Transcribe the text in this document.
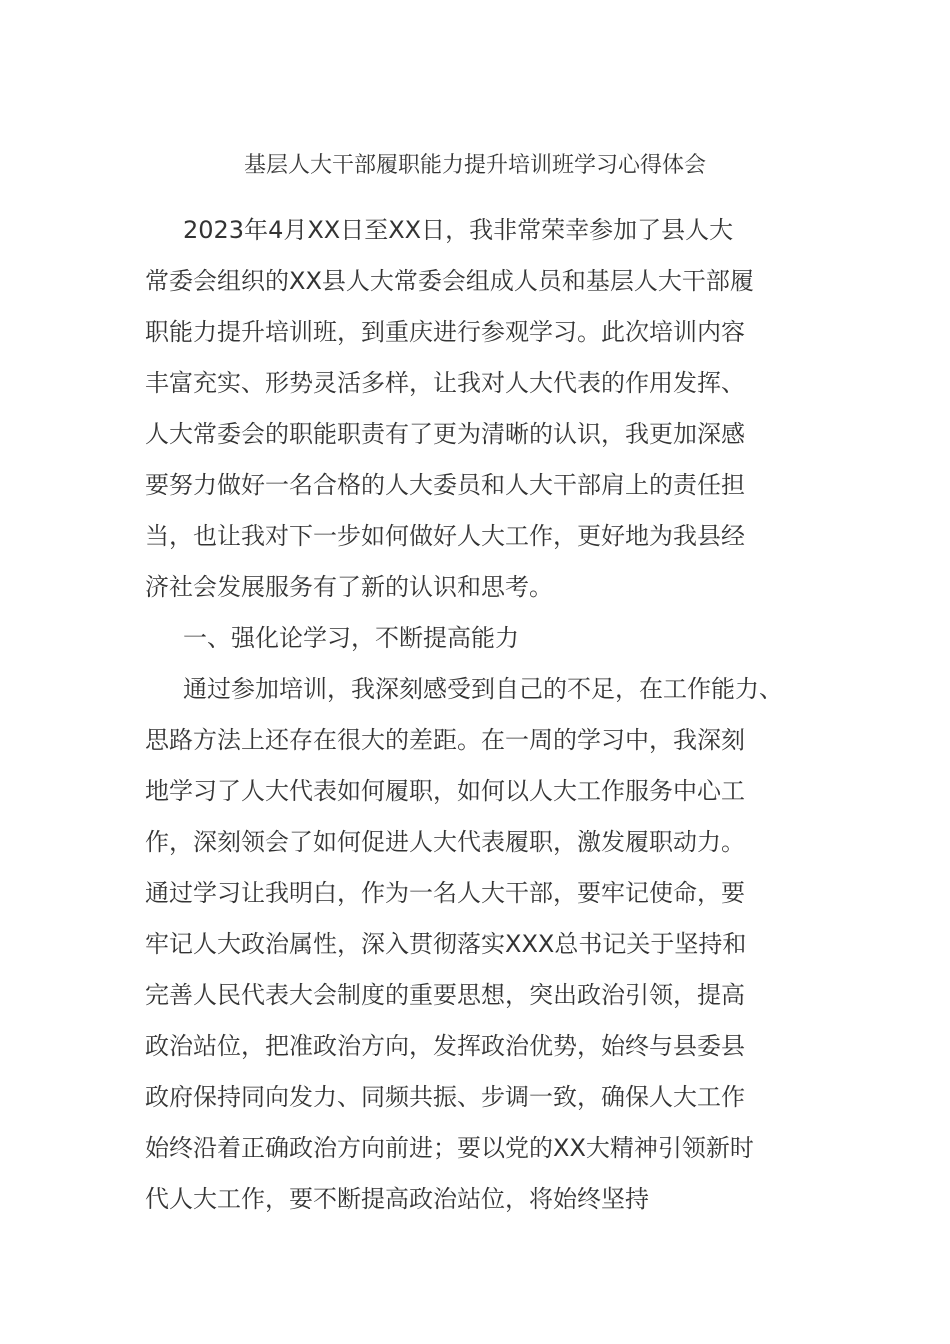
基层人大干部履职能力提升培训班学习心得体会
2023年4月XX日至XX日，我非常荣幸参加了县人大
常委会组织的XX县人大常委会组成人员和基层人大干部履
职能力提升培训班，到重庆进行参观学习。此次培训内容
丰富充实、形势灵活多样，让我对人大代表的作用发挥、
人大常委会的职能职责有了更为清晰的认识，我更加深感
要努力做好一名合格的人大委员和人大干部肩上的责任担
当，也让我对下一步如何做好人大工作，更好地为我县经
济社会发展服务有了新的认识和思考。
一、强化论学习，不断提高能力
通过参加培训，我深刻感受到自己的不足，在工作能力、
思路方法上还存在很大的差距。在一周的学习中，我深刻
地学习了人大代表如何履职，如何以人大工作服务中心工
作，深刻领会了如何促进人大代表履职，激发履职动力。
通过学习让我明白，作为一名人大干部，要牢记使命，要
牢记人大政治属性，深入贯彻落实XXX总书记关于坚持和
完善人民代表大会制度的重要思想，突出政治引领，提高
政治站位，把准政治方向，发挥政治优势，始终与县委县
政府保持同向发力、同频共振、步调一致，确保人大工作
始终沿着正确政治方向前进；要以党的XX大精神引领新时
代人大工作，要不断提高政治站位，将始终坚持
